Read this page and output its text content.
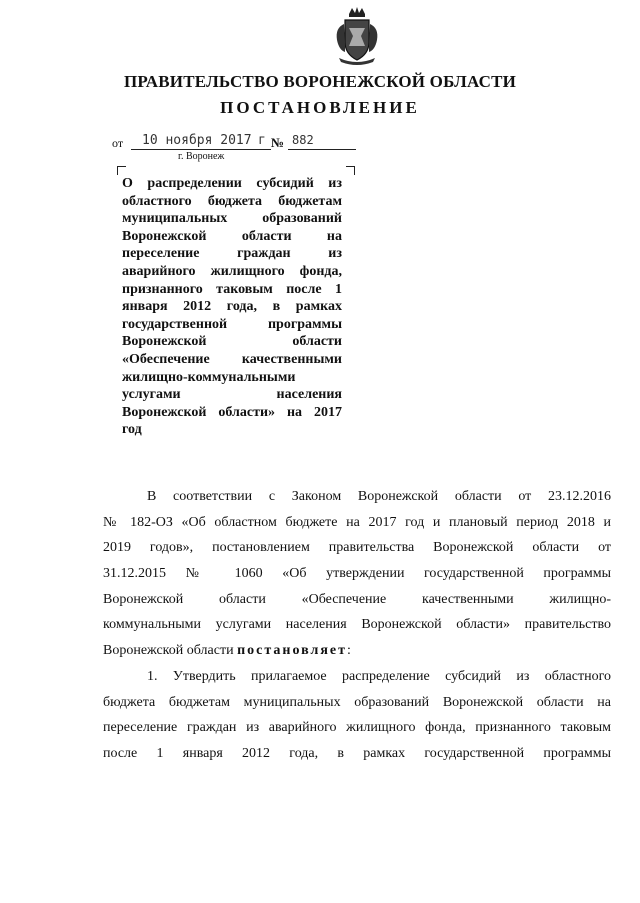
ПРАВИТЕЛЬСТВО ВОРОНЕЖСКОЙ ОБЛАСТИ
ПОСТАНОВЛЕНИЕ
от 10 ноября 2017 г № 882
г. Воронеж
О распределении субсидий из
областного бюджета бюджетам
муниципальных образований
Воронежской области на
переселение граждан из
аварийного жилищного фонда,
признанного таковым после 1
января 2012 года, в рамках
государственной программы
Воронежской области
«Обеспечение качественными
жилищно-коммунальными
услугами населения
Воронежской области» на 2017
год
В соответствии с Законом Воронежской области от 23.12.2016
№ 182-ОЗ «Об областном бюджете на 2017 год и плановый период 2018 и
2019 годов», постановлением правительства Воронежской области от
31.12.2015 № 1060 «Об утверждении государственной программы
Воронежской области «Обеспечение качественными жилищно-
коммунальными услугами населения Воронежской области» правительство
Воронежской области постановляет:
1. Утвердить прилагаемое распределение субсидий из областного
бюджета бюджетам муниципальных образований Воронежской области на
переселение граждан из аварийного жилищного фонда, признанного таковым
после 1 января 2012 года, в рамках государственной программы
